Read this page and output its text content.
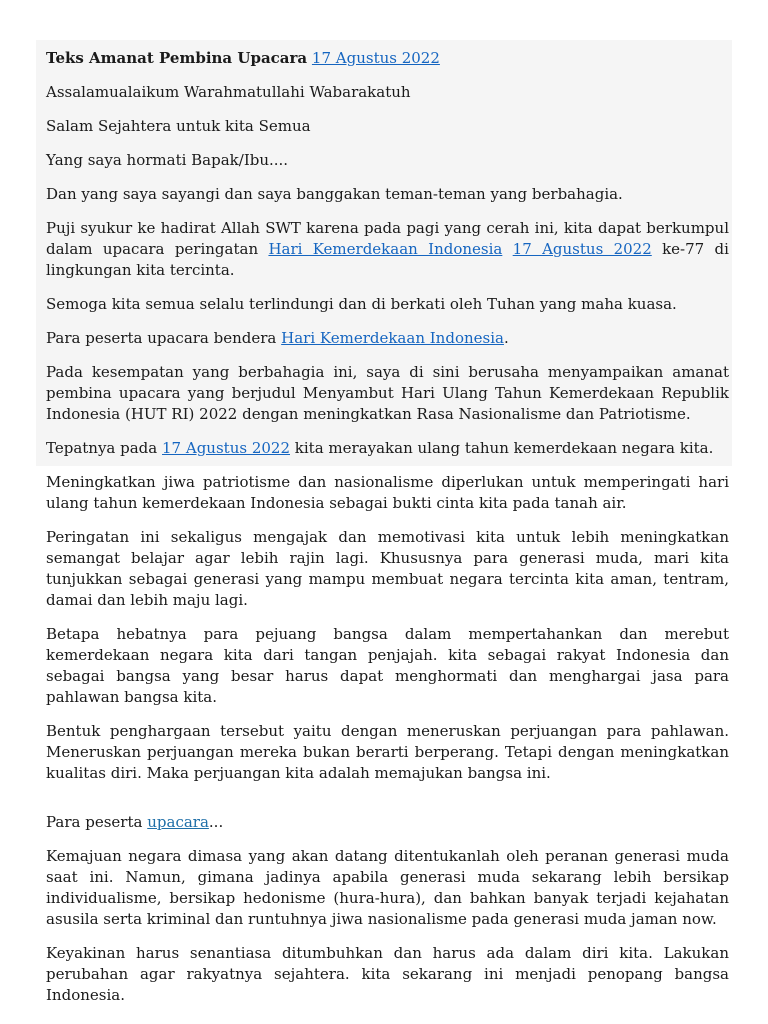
Teks Amanat Pembina Upacara 17 Agustus 2022

Assalamualaikum Warahmatullahi Wabarakatuh

Salam Sejahtera untuk kita Semua

Yang saya hormati Bapak/Ibu....

Dan yang saya sayangi dan saya banggakan teman-teman yang berbahagia.

Puji syukur ke hadirat Allah SWT karena pada pagi yang cerah ini, kita dapat berkumpul dalam upacara peringatan Hari Kemerdekaan Indonesia 17 Agustus 2022 ke-77 di lingkungan kita tercinta.

Semoga kita semua selalu terlindungi dan di berkati oleh Tuhan yang maha kuasa.

Para peserta upacara bendera Hari Kemerdekaan Indonesia.

Pada kesempatan yang berbahagia ini, saya di sini berusaha menyampaikan amanat pembina upacara yang berjudul Menyambut Hari Ulang Tahun Kemerdekaan Republik Indonesia (HUT RI) 2022 dengan meningkatkan Rasa Nasionalisme dan Patriotisme.

Tepatnya pada 17 Agustus 2022 kita merayakan ulang tahun kemerdekaan negara kita.

Meningkatkan jiwa patriotisme dan nasionalisme diperlukan untuk memperingati hari ulang tahun kemerdekaan Indonesia sebagai bukti cinta kita pada tanah air.

Peringatan ini sekaligus mengajak dan memotivasi kita untuk lebih meningkatkan semangat belajar agar lebih rajin lagi. Khususnya para generasi muda, mari kita tunjukkan sebagai generasi yang mampu membuat negara tercinta kita aman, tentram, damai dan lebih maju lagi.

Betapa hebatnya para pejuang bangsa dalam mempertahankan dan merebut kemerdekaan negara kita dari tangan penjajah. kita sebagai rakyat Indonesia dan sebagai bangsa yang besar harus dapat menghormati dan menghargai jasa para pahlawan bangsa kita.

Bentuk penghargaan tersebut yaitu dengan meneruskan perjuangan para pahlawan. Meneruskan perjuangan mereka bukan berarti berperang. Tetapi dengan meningkatkan kualitas diri. Maka perjuangan kita adalah memajukan bangsa ini.

Para peserta upacara...

Kemajuan negara dimasa yang akan datang ditentukanlah oleh peranan generasi muda saat ini. Namun, gimana jadinya apabila generasi muda sekarang lebih bersikap individualisme, bersikap hedonisme (hura-hura), dan bahkan banyak terjadi kejahatan asusila serta kriminal dan runtuhnya jiwa nasionalisme pada generasi muda jaman now.

Keyakinan harus senantiasa ditumbuhkan dan harus ada dalam diri kita. Lakukan perubahan agar rakyatnya sejahtera. kita sekarang ini menjadi penopang bangsa Indonesia.
